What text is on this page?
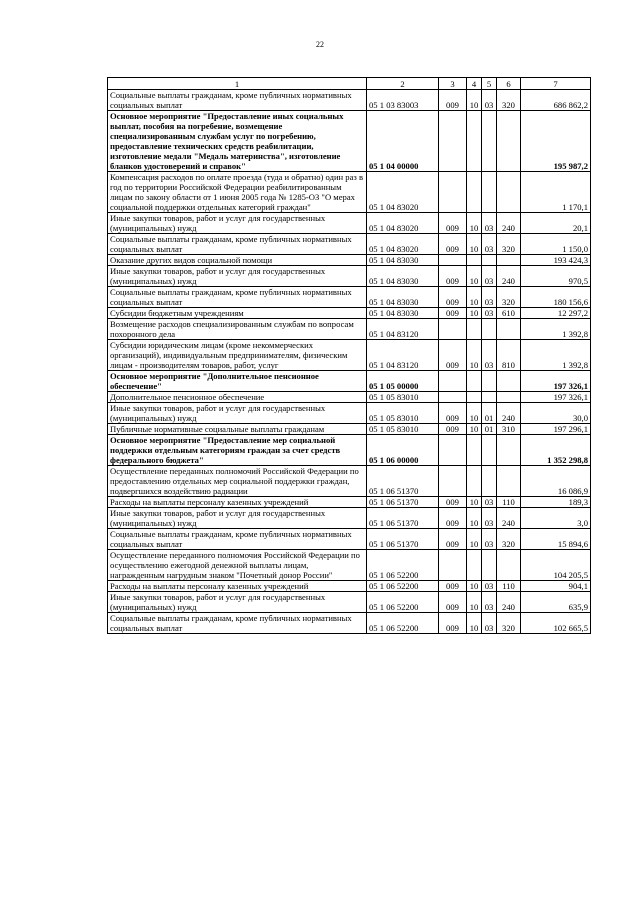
22
1	2	3	4	5	6	7
Социальные выплаты гражданам, кроме публичных нормативных социальных выплат	05 1 03 83003	009	10	03	320	686 862,2
Основное мероприятие "Предоставление иных социальных выплат, пособия на погребение, возмещение специализированным службам услуг по погребению, предоставление технических средств реабилитации, изготовление медали "Медаль материнства", изготовление бланков удостоверений и справок"	05 1 04 00000					195 987,2
Компенсация расходов по оплате проезда (туда и обратно) один раз в год по территории Российской Федерации реабилитированным лицам по закону области от 1 июня 2005 года № 1285-ОЗ "О мерах социальной поддержки отдельных категорий граждан"	05 1 04 83020					1 170,1
Иные закупки товаров, работ и услуг для государственных (муниципальных) нужд	05 1 04 83020	009	10	03	240	20,1
Социальные выплаты гражданам, кроме публичных нормативных социальных выплат	05 1 04 83020	009	10	03	320	1 150,0
Оказание других видов социальной помощи	05 1 04 83030					193 424,3
Иные закупки товаров, работ и услуг для государственных (муниципальных) нужд	05 1 04 83030	009	10	03	240	970,5
Социальные выплаты гражданам, кроме публичных нормативных социальных выплат	05 1 04 83030	009	10	03	320	180 156,6
Субсидии бюджетным учреждениям	05 1 04 83030	009	10	03	610	12 297,2
Возмещение расходов специализированным службам по вопросам похоронного дела	05 1 04 83120					1 392,8
Субсидии юридическим лицам (кроме некоммерческих организаций), индивидуальным предпринимателям, физическим лицам - производителям товаров, работ, услуг	05 1 04 83120	009	10	03	810	1 392,8
Основное мероприятие "Дополнительное пенсионное обеспечение"	05 1 05 00000					197 326,1
Дополнительное пенсионное обеспечение	05 1 05 83010					197 326,1
Иные закупки товаров, работ и услуг для государственных (муниципальных) нужд	05 1 05 83010	009	10	01	240	30,0
Публичные нормативные социальные выплаты гражданам	05 1 05 83010	009	10	01	310	197 296,1
Основное мероприятие "Предоставление мер социальной поддержки отдельным категориям граждан за счет средств федерального бюджета"	05 1 06 00000					1 352 298,8
Осуществление переданных полномочий Российской Федерации по предоставлению отдельных мер социальной поддержки граждан, подвергшихся воздействию радиации	05 1 06 51370					16 086,9
Расходы на выплаты персоналу казенных учреждений	05 1 06 51370	009	10	03	110	189,3
Иные закупки товаров, работ и услуг для государственных (муниципальных) нужд	05 1 06 51370	009	10	03	240	3,0
Социальные выплаты гражданам, кроме публичных нормативных социальных выплат	05 1 06 51370	009	10	03	320	15 894,6
Осуществление переданного полномочия Российской Федерации по осуществлению ежегодной денежной выплаты лицам, награжденным нагрудным знаком "Почетный донор России"	05 1 06 52200					104 205,5
Расходы на выплаты персоналу казенных учреждений	05 1 06 52200	009	10	03	110	904,1
Иные закупки товаров, работ и услуг для государственных (муниципальных) нужд	05 1 06 52200	009	10	03	240	635,9
Социальные выплаты гражданам, кроме публичных нормативных социальных выплат	05 1 06 52200	009	10	03	320	102 665,5
